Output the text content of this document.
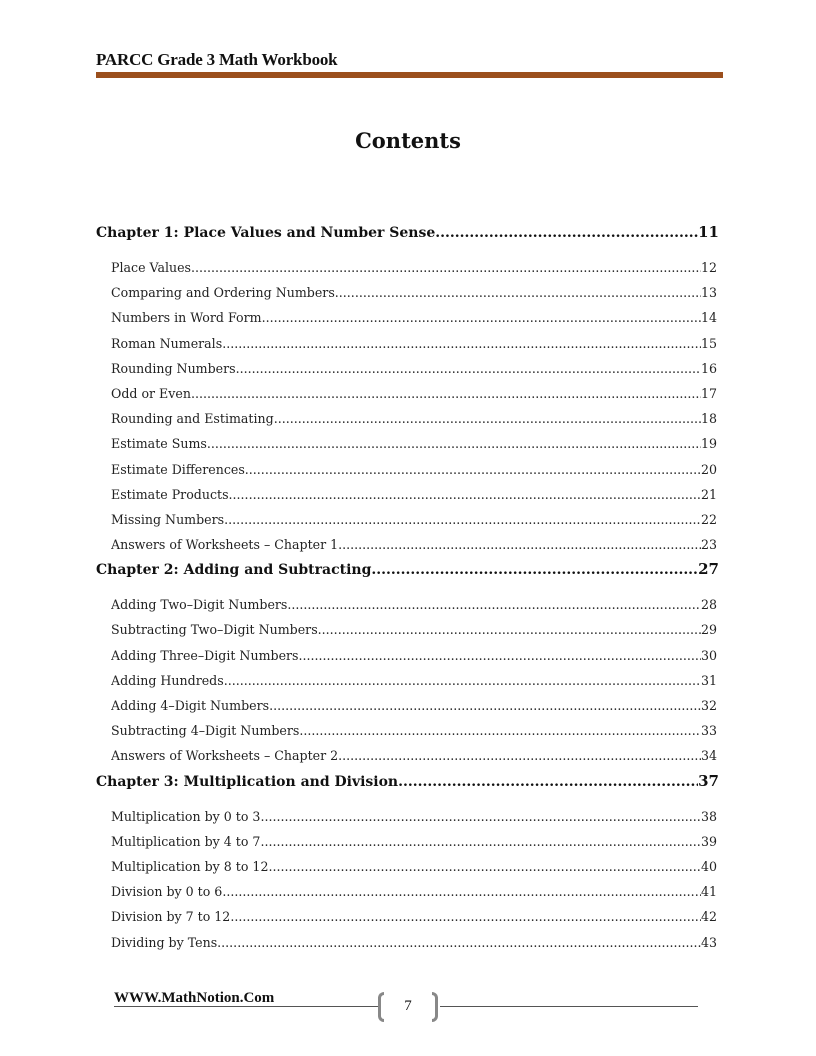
PARCC Grade 3 Math Workbook
Contents
Chapter 1: Place Values and Number Sense .....	11
Place Values .....	12
Comparing and Ordering Numbers .....	13
Numbers in Word Form .....	14
Roman Numerals .....	15
Rounding Numbers .....	16
Odd or Even .....	17
Rounding and Estimating .....	18
Estimate Sums .....	19
Estimate Differences .....	20
Estimate Products .....	21
Missing Numbers .....	22
Answers of Worksheets – Chapter 1 .....	23
Chapter 2: Adding and Subtracting .....	27
Adding Two–Digit Numbers .....	28
Subtracting Two–Digit Numbers .....	29
Adding Three–Digit Numbers .....	30
Adding Hundreds .....	31
Adding 4–Digit Numbers .....	32
Subtracting 4–Digit Numbers .....	33
Answers of Worksheets – Chapter 2 .....	34
Chapter 3: Multiplication and Division .....	37
Multiplication by 0 to 3 .....	38
Multiplication by 4 to 7 .....	39
Multiplication by 8 to 12 .....	40
Division by 0 to 6 .....	41
Division by 7 to 12 .....	42
Dividing by Tens .....	43
WWW.MathNotion.Com	7
